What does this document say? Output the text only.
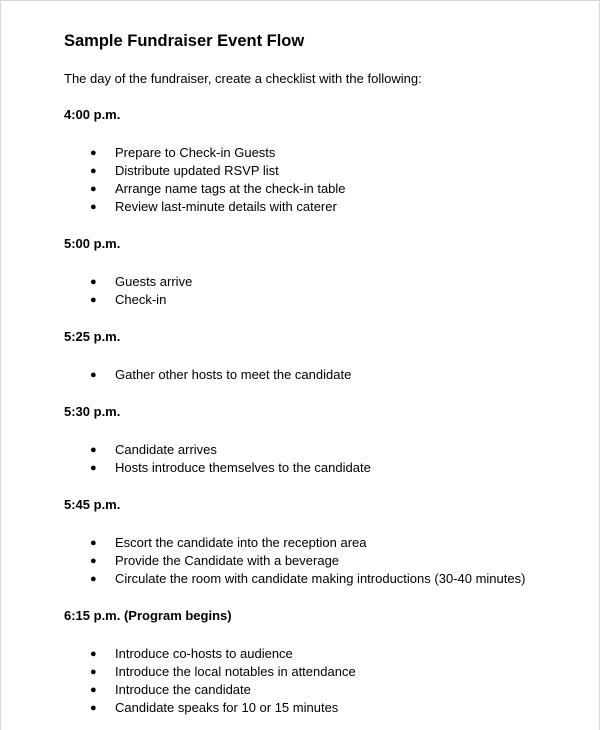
Sample Fundraiser Event Flow

The day of the fundraiser, create a checklist with the following:

4:00 p.m.

● Prepare to Check-in Guests
● Distribute updated RSVP list
● Arrange name tags at the check-in table
● Review last-minute details with caterer

5:00 p.m.

● Guests arrive
● Check-in

5:25 p.m.

● Gather other hosts to meet the candidate

5:30 p.m.

● Candidate arrives
● Hosts introduce themselves to the candidate

5:45 p.m.

● Escort the candidate into the reception area
● Provide the Candidate with a beverage
● Circulate the room with candidate making introductions (30-40 minutes)

6:15 p.m. (Program begins)

● Introduce co-hosts to audience
● Introduce the local notables in attendance
● Introduce the candidate
● Candidate speaks for 10 or 15 minutes
